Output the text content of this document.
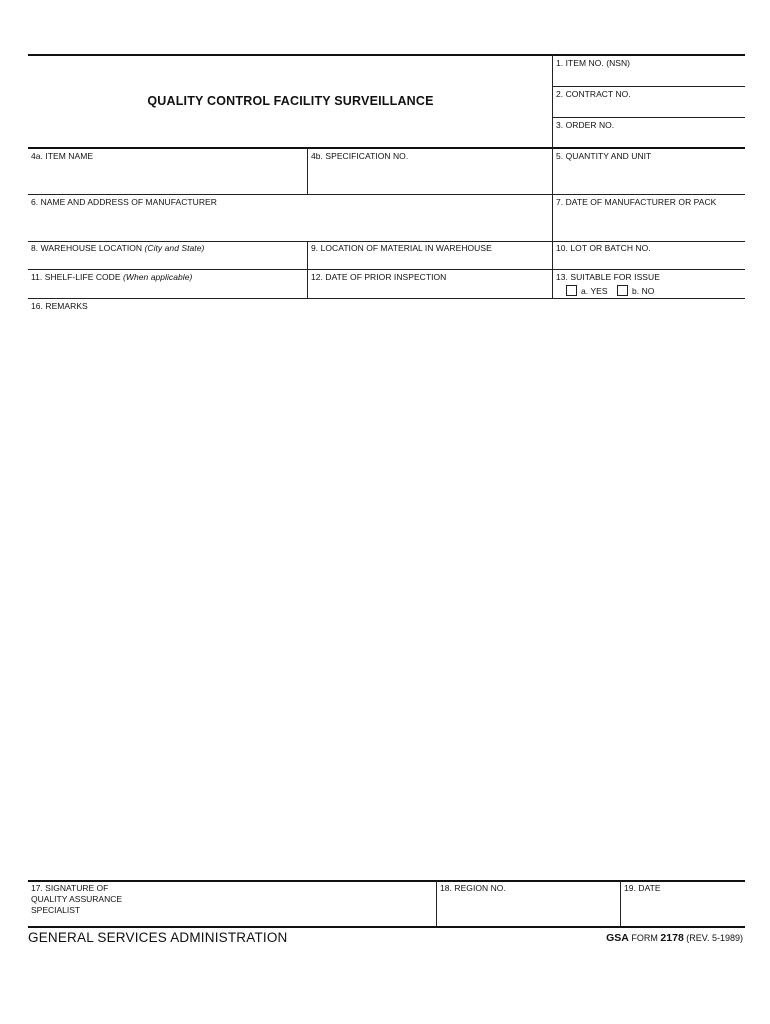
QUALITY CONTROL FACILITY SURVEILLANCE
1. ITEM NO. (NSN)
2. CONTRACT NO.
3. ORDER NO.
4a. ITEM NAME	4b. SPECIFICATION NO.	5. QUANTITY AND UNIT
6. NAME AND ADDRESS OF MANUFACTURER	7. DATE OF MANUFACTURER OR PACK
8. WAREHOUSE LOCATION (City and State)	9. LOCATION OF MATERIAL IN WAREHOUSE	10. LOT OR BATCH NO.
11. SHELF-LIFE CODE (When applicable)	12. DATE OF PRIOR INSPECTION	13. SUITABLE FOR ISSUE
a. YES	b. NO
16. REMARKS
17. SIGNATURE OF
QUALITY ASSURANCE
SPECIALIST
18. REGION NO.	19. DATE
GENERAL SERVICES ADMINISTRATION	GSA FORM 2178 (REV. 5-1989)
